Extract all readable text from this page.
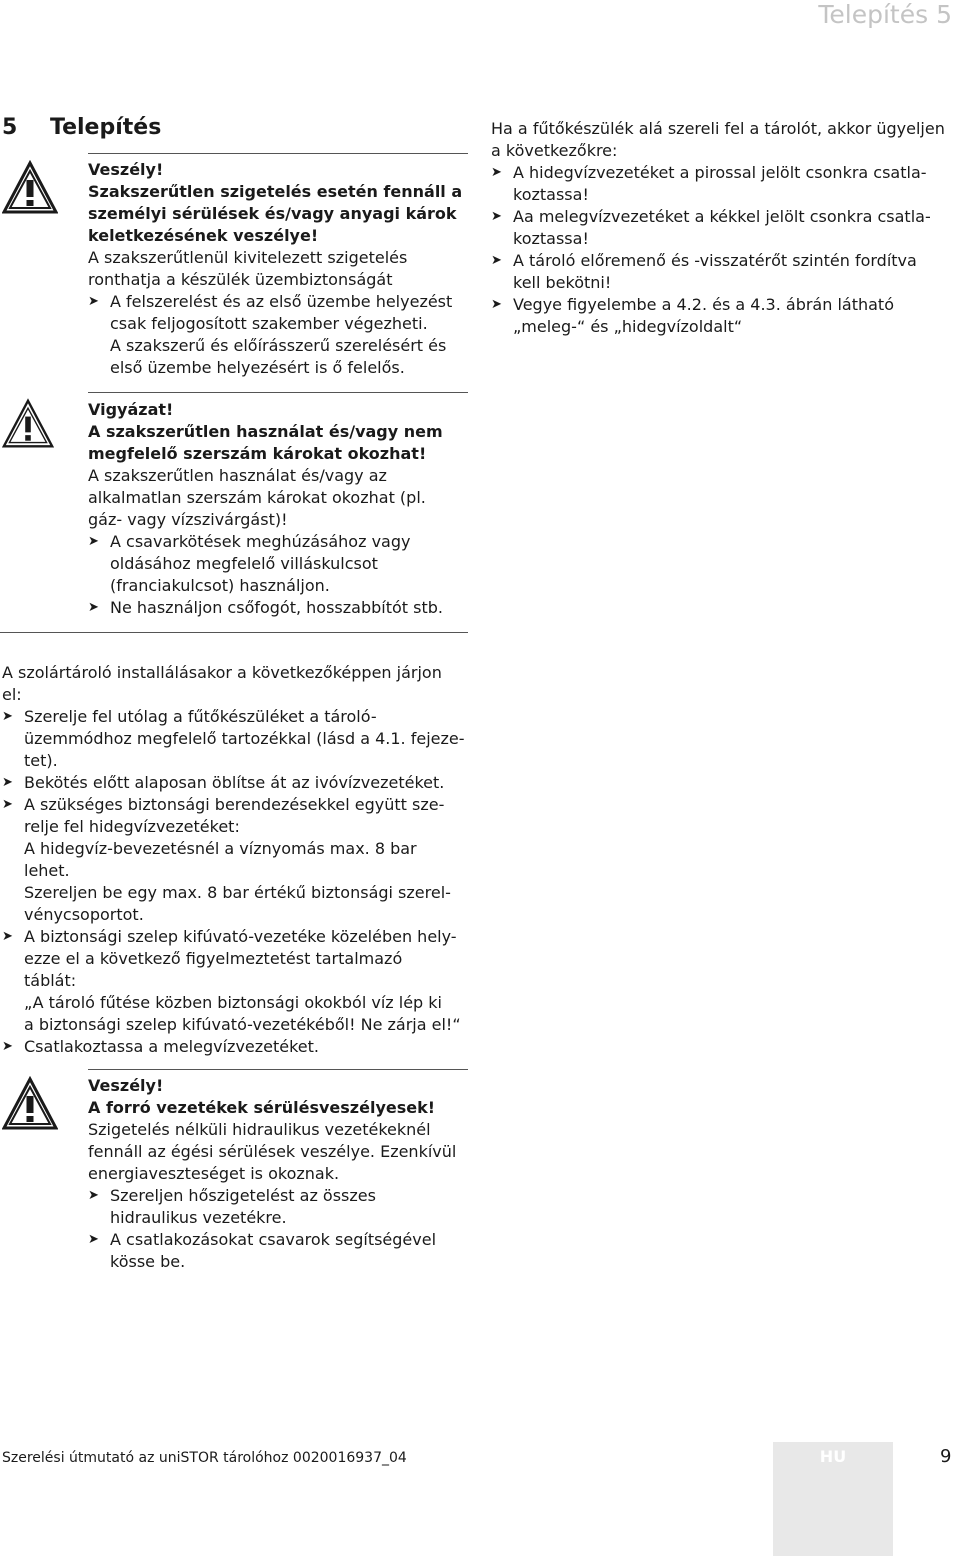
Telepítés 5
5 Telepítés

Veszély!

Szakszerűtlen szigetelés esetén fennáll a

személyi sérülések és/vagy anyagi károk

keletkezésének veszélye!

A szakszerűtlenül kivitelezett szigetelés

ronthatja a készülék üzembiztonságát

➤ A felszerelést és az első üzembe helyezést

csak feljogosított szakember végezheti.

A szakszerű és előírásszerű szerelésért és

első üzembe helyezésért is ő felelős.

Vigyázat!

A szakszerűtlen használat és/vagy nem

megfelelő szerszám károkat okozhat!

A szakszerűtlen használat és/vagy az

alkalmatlan szerszám károkat okozhat (pl.

gáz- vagy vízszivárgást)!

➤ A csavarkötések meghúzásához vagy

oldásához megfelelő villáskulcsot

(franciakulcsot) használjon.

➤ Ne használjon csőfogót, hosszabbítót stb.

Ha a fűtőkészülék alá szereli fel a tárolót, akkor ügyeljen

a következőkre:

➤ A hidegvízvezetéket a pirossal jelölt csonkra csatla-

koztassa!

➤ Aa melegvízvezetéket a kékkel jelölt csonkra csatla-

koztassa!

➤ A tároló előremenő és -visszatérőt szintén fordítva

kell bekötni!

➤ Vegye figyelembe a 4.2. és a 4.3. ábrán látható

„meleg-“ és „hidegvízoldalt“

A szolártároló installálásakor a következőképpen járjon

el:

➤ Szerelje fel utólag a fűtőkészüléket a tároló-

üzemmódhoz megfelelő tartozékkal (lásd a 4.1. fejeze-

tet).

➤ Bekötés előtt alaposan öblítse át az ivóvízvezetéket.

➤ A szükséges biztonsági berendezésekkel együtt sze-

relje fel hidegvízvezetéket:

A hidegvíz-bevezetésnél a víznyomás max. 8 bar

lehet.

Szereljen be egy max. 8 bar értékű biztonsági szerel-

vénycsoportot.

➤ A biztonsági szelep kifúvató-vezetéke közelében hely-

ezze el a következő figyelmeztetést tartalmazó

táblát:

„A tároló fűtése közben biztonsági okokból víz lép ki

a biztonsági szelep kifúvató-vezetékéből! Ne zárja el!“

➤ Csatlakoztassa a melegvízvezetéket.

Veszély!

A forró vezetékek sérülésveszélyesek!

Szigetelés nélküli hidraulikus vezetékeknél

fennáll az égési sérülések veszélye. Ezenkívül

energiaveszteséget is okoznak.

➤ Szereljen hőszigetelést az összes

hidraulikus vezetékre.

➤ A csatlakozásokat csavarok segítségével

kösse be.

Szerelési útmutató az uniSTOR tárolóhoz 0020016937_04	HU	9
